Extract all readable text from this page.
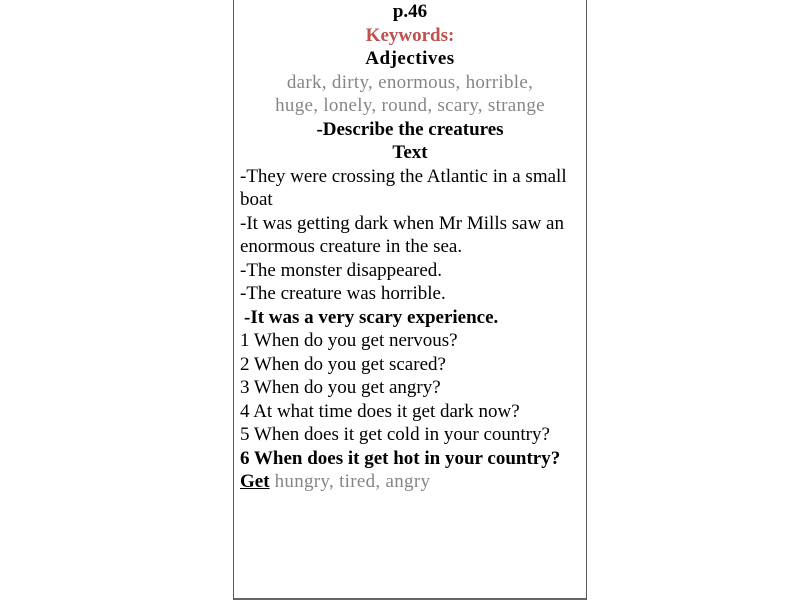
p.46
Keywords:
Adjectives
dark, dirty, enormous, horrible,
huge, lonely, round, scary, strange
-Describe the creatures
Text
-They were crossing the Atlantic in a small boat
-It was getting dark when Mr Mills saw an enormous creature in the sea.
-The monster disappeared.
-The creature was horrible.
-It was a very scary experience.
1 When do you get nervous?
2 When do you get scared?
3 When do you get angry?
4 At what time does it get dark now?
5 When does it get cold in your country?
6 When does it get hot in your country?
Get hungry, tired, angry
